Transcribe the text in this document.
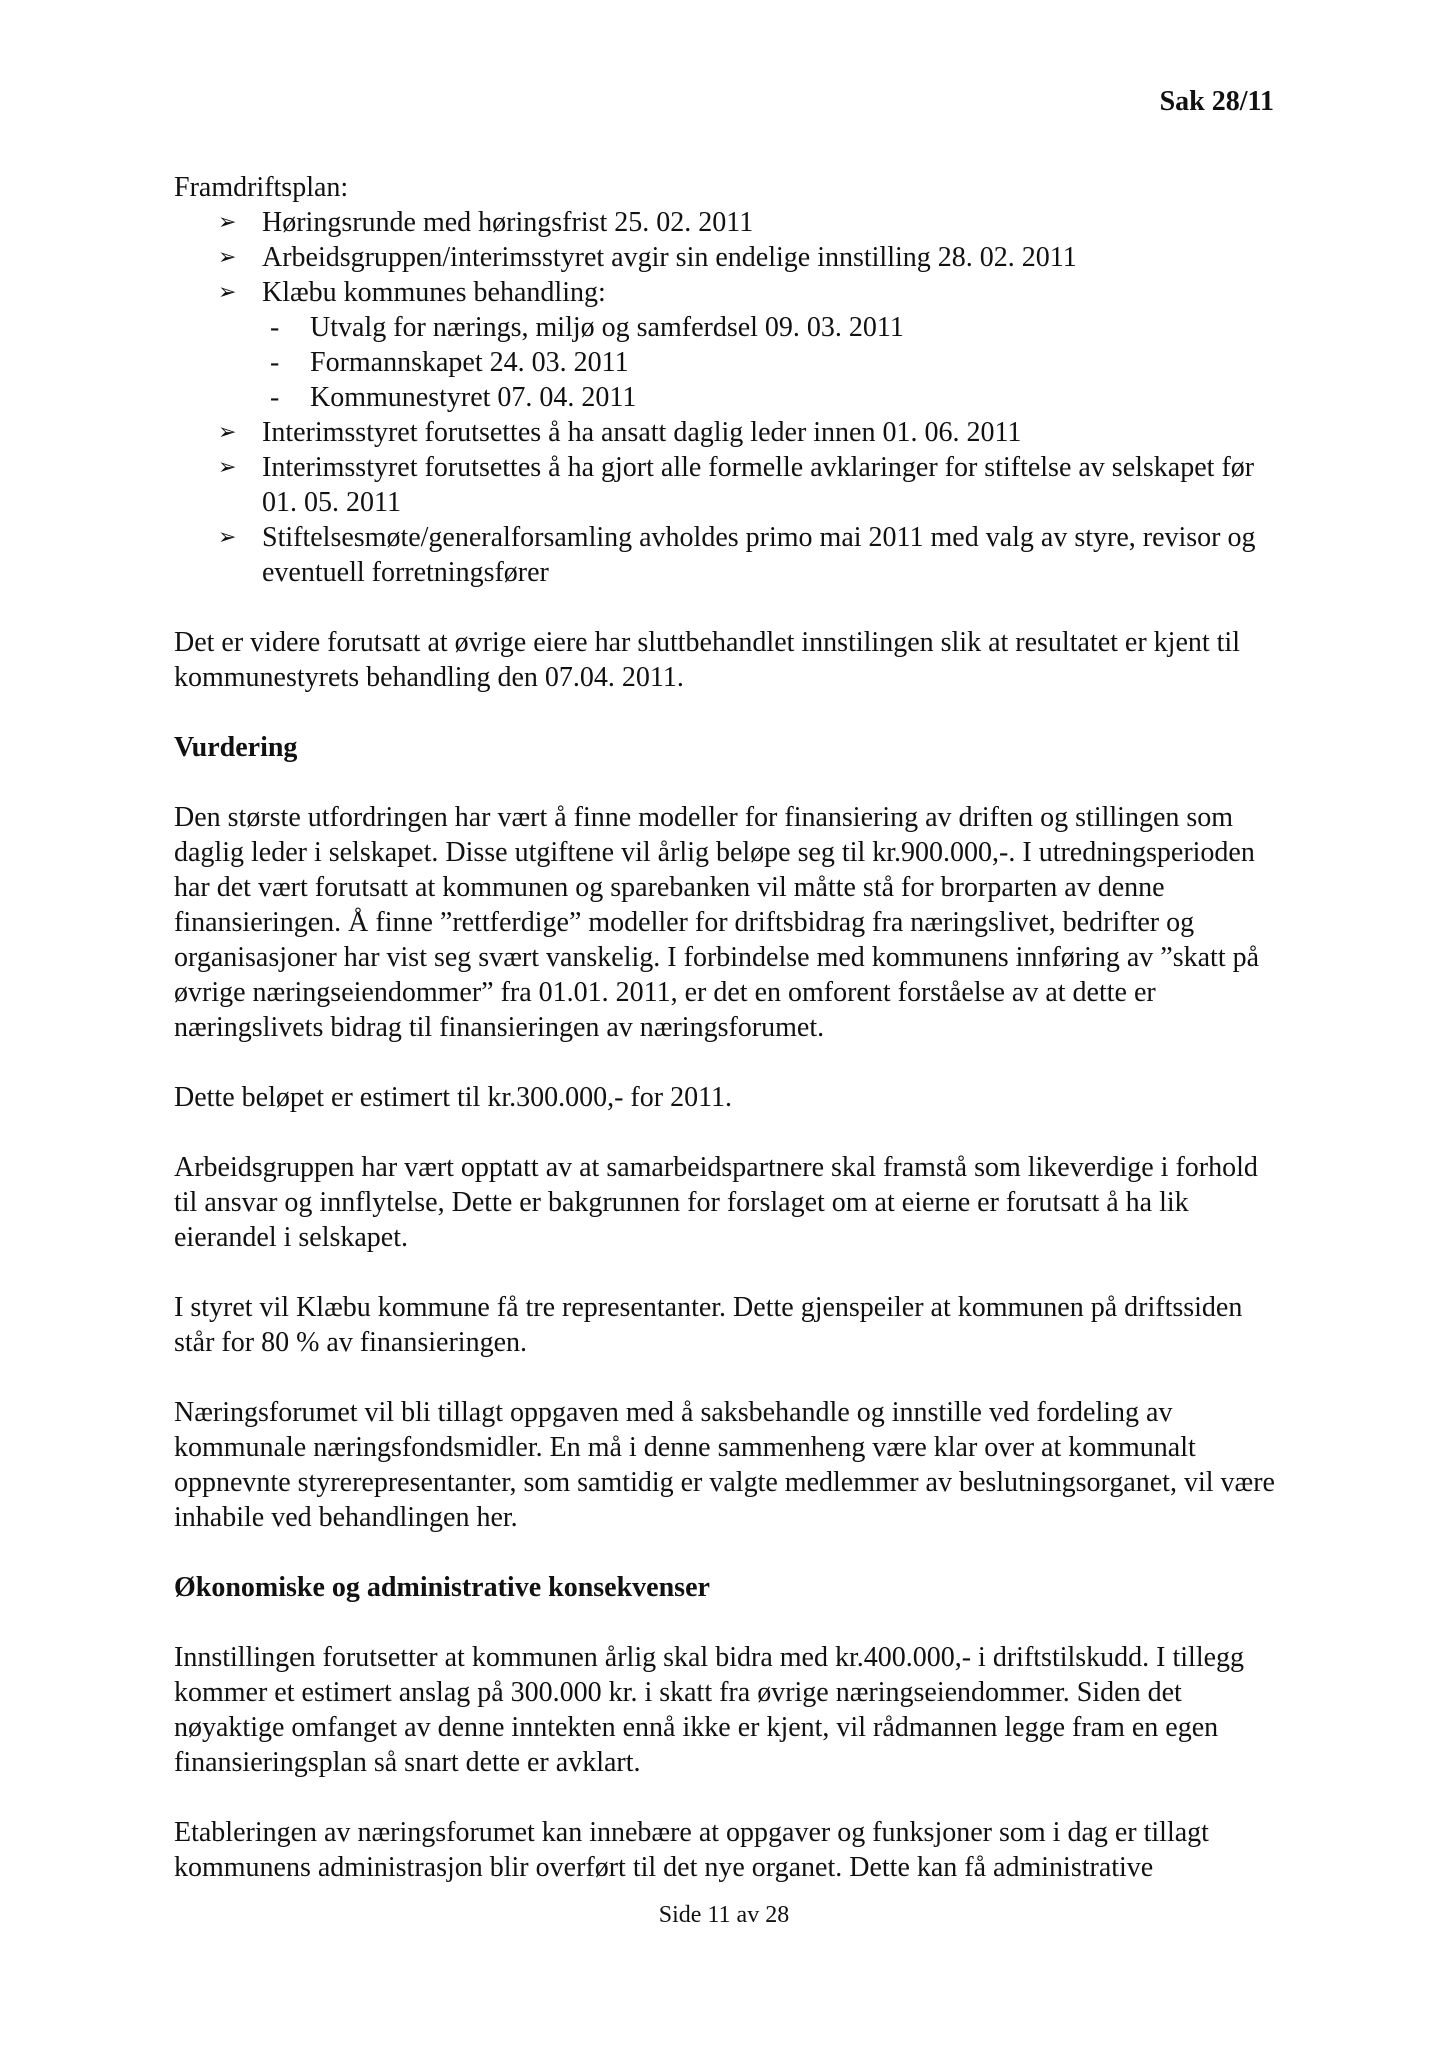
Sak 28/11

Framdriftsplan:

➢ Høringsrunde med høringsfrist 25. 02. 2011
➢ Arbeidsgruppen/interimsstyret avgir sin endelige innstilling 28. 02. 2011
➢ Klæbu kommunes behandling:
- Utvalg for nærings, miljø og samferdsel 09. 03. 2011
- Formannskapet 24. 03. 2011
- Kommunestyret 07. 04. 2011
➢ Interimsstyret forutsettes å ha ansatt daglig leder innen 01. 06. 2011
➢ Interimsstyret forutsettes å ha gjort alle formelle avklaringer for stiftelse av selskapet før 01. 05. 2011
➢ Stiftelsesmøte/generalforsamling avholdes primo mai 2011 med valg av styre, revisor og eventuell forretningsfører

Det er videre forutsatt at øvrige eiere har sluttbehandlet innstilingen slik at resultatet er kjent til kommunestyrets behandling den 07.04. 2011.

Vurdering

Den største utfordringen har vært å finne modeller for finansiering av driften og stillingen som daglig leder i selskapet. Disse utgiftene vil årlig beløpe seg til kr.900.000,-. I utredningsperioden har det vært forutsatt at kommunen og sparebanken vil måtte stå for brorparten av denne finansieringen. Å finne ”rettferdige” modeller for driftsbidrag fra næringslivet, bedrifter og organisasjoner har vist seg svært vanskelig. I forbindelse med kommunens innføring av ”skatt på øvrige næringseiendommer” fra 01.01. 2011, er det en omforent forståelse av at dette er næringslivets bidrag til finansieringen av næringsforumet.

Dette beløpet er estimert til kr.300.000,- for 2011.

Arbeidsgruppen har vært opptatt av at samarbeidspartnere skal framstå som likeverdige i forhold til ansvar og innflytelse, Dette er bakgrunnen for forslaget om at eierne er forutsatt å ha lik eierandel i selskapet.

I styret vil Klæbu kommune få tre representanter. Dette gjenspeiler at kommunen på driftssiden står for 80 % av finansieringen.

Næringsforumet vil bli tillagt oppgaven med å saksbehandle og innstille ved fordeling av kommunale næringsfondsmidler. En må i denne sammenheng være klar over at kommunalt oppnevnte styrerepresentanter, som samtidig er valgte medlemmer av beslutningsorganet, vil være inhabile ved behandlingen her.

Økonomiske og administrative konsekvenser

Innstillingen forutsetter at kommunen årlig skal bidra med kr.400.000,- i driftstilskudd. I tillegg kommer et estimert anslag på 300.000 kr. i skatt fra øvrige næringseiendommer. Siden det nøyaktige omfanget av denne inntekten ennå ikke er kjent, vil rådmannen legge fram en egen finansieringsplan så snart dette er avklart.

Etableringen av næringsforumet kan innebære at oppgaver og funksjoner som i dag er tillagt kommunens administrasjon blir overført til det nye organet. Dette kan få administrative

Side 11 av 28
